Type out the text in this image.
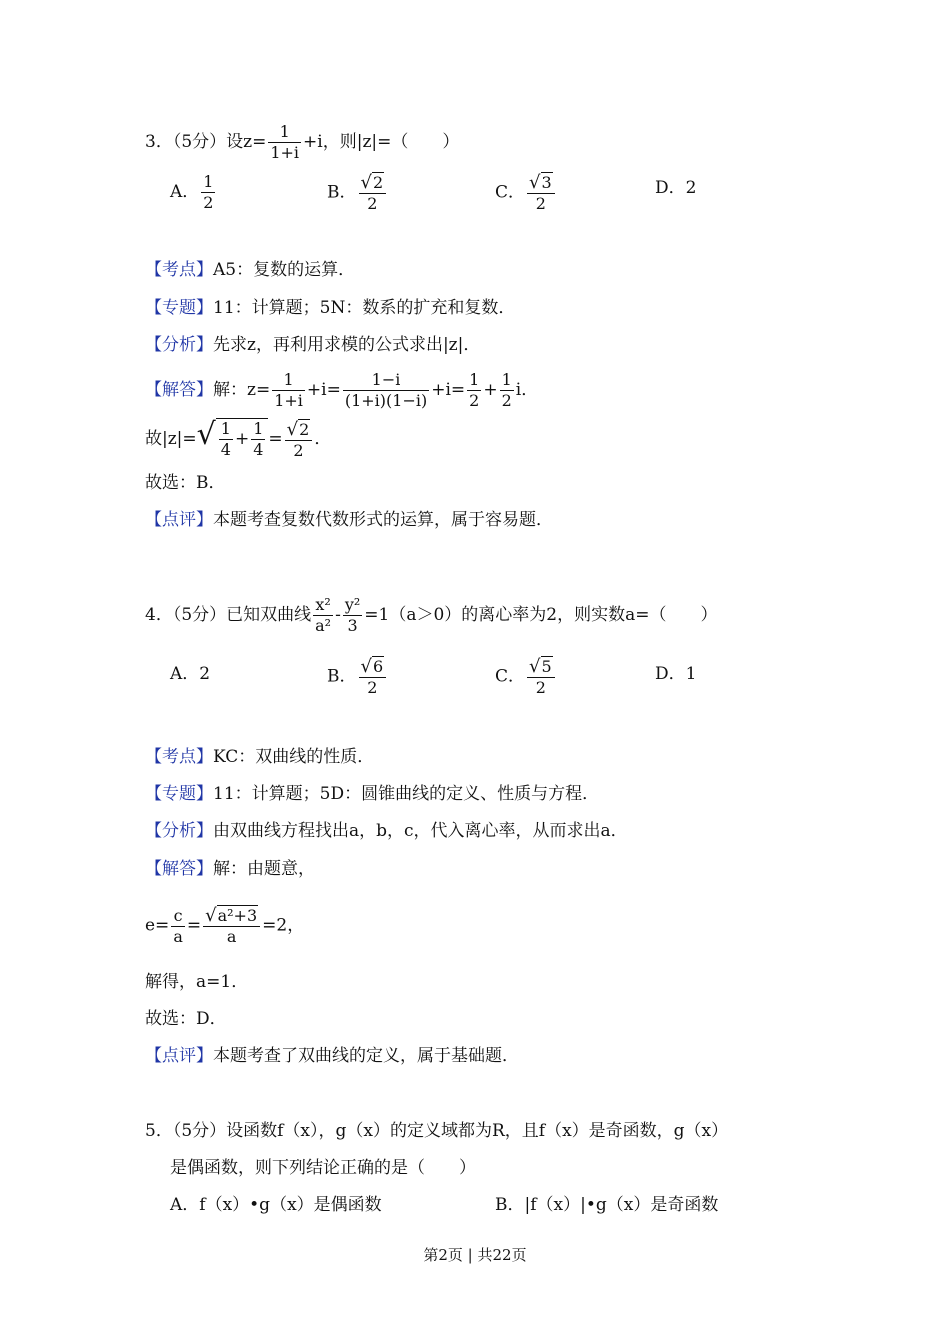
3．（5分）设$z= \frac{1}{1+i} +i$，则|z|=（　　）
A． $\frac{1}{2}$	B． $\frac{√2}{2}$	C． $\frac{√3}{2}$	D．2
【考点】A5：复数的运算．
【专题】11：计算题；5N：数系的扩充和复数．
【分析】先求z，再利用求模的公式求出|z|．
【解答】解：$z= \frac{1}{1+i} +i= \frac{1-i}{(1+i)(1-i)} +i= \frac{1}{2} + \frac{1}{2}$ i．
故$|z|=√ \frac{1}{4} + \frac{1}{4} = \frac{√2}{2}$ ．
故选：B．
【点评】本题考查复数代数形式的运算，属于容易题．
4．（5分）已知双曲线 $\frac{\text{x²}}{\text{a²}} - \frac{\text{y²}}{3} =1(a>0)$的离心率为2，则实数a=（　　）
A．2	B． $\frac{√6}{2}$	C． $\frac{√5}{2}$	D．1
【考点】KC：双曲线的性质．
【专题】11：计算题；5D：圆锥曲线的定义、性质与方程．
【分析】由双曲线方程找出a，b，c，代入离心率，从而求出a．
【解答】解：由题意，
$e= \frac{c}{a} = \frac{\text{√a²+3}}{a} =2$，
解得，a=1．
故选：D．
【点评】本题考查了双曲线的定义，属于基础题．
5．（5分）设函数f（x），g（x）的定义域都为R，且f（x）是奇函数，g（x）
是偶函数，则下列结论正确的是（　　）
A．f（x）•g（x）是偶函数	B．|f（x）|•g（x）是奇函数
第2页 | 共22页
